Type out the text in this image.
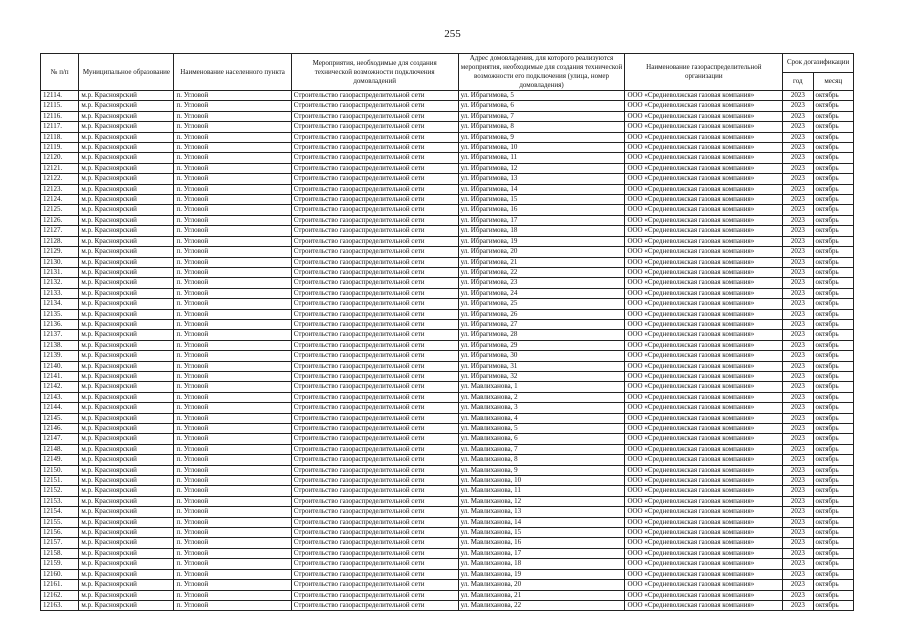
255
№ п/п	Муниципальное образование	Наименование населенного пункта	Мероприятия, необходимые для создания технической возможности подключения домовладений	Адрес домовладения, для которого реализуются мероприятия, необходимые для создания технической возможности его подключения (улица, номер домовладения)	Наименование газораспределительной организации	Срок догазификации	
						год	месяц
12114.	м.р. Красноярский	п. Угловой	Строительство газораспределительной сети	ул. Ибрагимова, 5	ООО «Средневолжская газовая компания»	2023	октябрь
12115.	м.р. Красноярский	п. Угловой	Строительство газораспределительной сети	ул. Ибрагимова, 6	ООО «Средневолжская газовая компания»	2023	октябрь
12116.	м.р. Красноярский	п. Угловой	Строительство газораспределительной сети	ул. Ибрагимова, 7	ООО «Средневолжская газовая компания»	2023	октябрь
12117.	м.р. Красноярский	п. Угловой	Строительство газораспределительной сети	ул. Ибрагимова, 8	ООО «Средневолжская газовая компания»	2023	октябрь
12118.	м.р. Красноярский	п. Угловой	Строительство газораспределительной сети	ул. Ибрагимова, 9	ООО «Средневолжская газовая компания»	2023	октябрь
12119.	м.р. Красноярский	п. Угловой	Строительство газораспределительной сети	ул. Ибрагимова, 10	ООО «Средневолжская газовая компания»	2023	октябрь
12120.	м.р. Красноярский	п. Угловой	Строительство газораспределительной сети	ул. Ибрагимова, 11	ООО «Средневолжская газовая компания»	2023	октябрь
12121.	м.р. Красноярский	п. Угловой	Строительство газораспределительной сети	ул. Ибрагимова, 12	ООО «Средневолжская газовая компания»	2023	октябрь
12122.	м.р. Красноярский	п. Угловой	Строительство газораспределительной сети	ул. Ибрагимова, 13	ООО «Средневолжская газовая компания»	2023	октябрь
12123.	м.р. Красноярский	п. Угловой	Строительство газораспределительной сети	ул. Ибрагимова, 14	ООО «Средневолжская газовая компания»	2023	октябрь
12124.	м.р. Красноярский	п. Угловой	Строительство газораспределительной сети	ул. Ибрагимова, 15	ООО «Средневолжская газовая компания»	2023	октябрь
12125.	м.р. Красноярский	п. Угловой	Строительство газораспределительной сети	ул. Ибрагимова, 16	ООО «Средневолжская газовая компания»	2023	октябрь
12126.	м.р. Красноярский	п. Угловой	Строительство газораспределительной сети	ул. Ибрагимова, 17	ООО «Средневолжская газовая компания»	2023	октябрь
12127.	м.р. Красноярский	п. Угловой	Строительство газораспределительной сети	ул. Ибрагимова, 18	ООО «Средневолжская газовая компания»	2023	октябрь
12128.	м.р. Красноярский	п. Угловой	Строительство газораспределительной сети	ул. Ибрагимова, 19	ООО «Средневолжская газовая компания»	2023	октябрь
12129.	м.р. Красноярский	п. Угловой	Строительство газораспределительной сети	ул. Ибрагимова, 20	ООО «Средневолжская газовая компания»	2023	октябрь
12130.	м.р. Красноярский	п. Угловой	Строительство газораспределительной сети	ул. Ибрагимова, 21	ООО «Средневолжская газовая компания»	2023	октябрь
12131.	м.р. Красноярский	п. Угловой	Строительство газораспределительной сети	ул. Ибрагимова, 22	ООО «Средневолжская газовая компания»	2023	октябрь
12132.	м.р. Красноярский	п. Угловой	Строительство газораспределительной сети	ул. Ибрагимова, 23	ООО «Средневолжская газовая компания»	2023	октябрь
12133.	м.р. Красноярский	п. Угловой	Строительство газораспределительной сети	ул. Ибрагимова, 24	ООО «Средневолжская газовая компания»	2023	октябрь
12134.	м.р. Красноярский	п. Угловой	Строительство газораспределительной сети	ул. Ибрагимова, 25	ООО «Средневолжская газовая компания»	2023	октябрь
12135.	м.р. Красноярский	п. Угловой	Строительство газораспределительной сети	ул. Ибрагимова, 26	ООО «Средневолжская газовая компания»	2023	октябрь
12136.	м.р. Красноярский	п. Угловой	Строительство газораспределительной сети	ул. Ибрагимова, 27	ООО «Средневолжская газовая компания»	2023	октябрь
12137.	м.р. Красноярский	п. Угловой	Строительство газораспределительной сети	ул. Ибрагимова, 28	ООО «Средневолжская газовая компания»	2023	октябрь
12138.	м.р. Красноярский	п. Угловой	Строительство газораспределительной сети	ул. Ибрагимова, 29	ООО «Средневолжская газовая компания»	2023	октябрь
12139.	м.р. Красноярский	п. Угловой	Строительство газораспределительной сети	ул. Ибрагимова, 30	ООО «Средневолжская газовая компания»	2023	октябрь
12140.	м.р. Красноярский	п. Угловой	Строительство газораспределительной сети	ул. Ибрагимова, 31	ООО «Средневолжская газовая компания»	2023	октябрь
12141.	м.р. Красноярский	п. Угловой	Строительство газораспределительной сети	ул. Ибрагимова, 32	ООО «Средневолжская газовая компания»	2023	октябрь
12142.	м.р. Красноярский	п. Угловой	Строительство газораспределительной сети	ул. Мавлиханова, 1	ООО «Средневолжская газовая компания»	2023	октябрь
12143.	м.р. Красноярский	п. Угловой	Строительство газораспределительной сети	ул. Мавлиханова, 2	ООО «Средневолжская газовая компания»	2023	октябрь
12144.	м.р. Красноярский	п. Угловой	Строительство газораспределительной сети	ул. Мавлиханова, 3	ООО «Средневолжская газовая компания»	2023	октябрь
12145.	м.р. Красноярский	п. Угловой	Строительство газораспределительной сети	ул. Мавлиханова, 4	ООО «Средневолжская газовая компания»	2023	октябрь
12146.	м.р. Красноярский	п. Угловой	Строительство газораспределительной сети	ул. Мавлиханова, 5	ООО «Средневолжская газовая компания»	2023	октябрь
12147.	м.р. Красноярский	п. Угловой	Строительство газораспределительной сети	ул. Мавлиханова, 6	ООО «Средневолжская газовая компания»	2023	октябрь
12148.	м.р. Красноярский	п. Угловой	Строительство газораспределительной сети	ул. Мавлиханова, 7	ООО «Средневолжская газовая компания»	2023	октябрь
12149.	м.р. Красноярский	п. Угловой	Строительство газораспределительной сети	ул. Мавлиханова, 8	ООО «Средневолжская газовая компания»	2023	октябрь
12150.	м.р. Красноярский	п. Угловой	Строительство газораспределительной сети	ул. Мавлиханова, 9	ООО «Средневолжская газовая компания»	2023	октябрь
12151.	м.р. Красноярский	п. Угловой	Строительство газораспределительной сети	ул. Мавлиханова, 10	ООО «Средневолжская газовая компания»	2023	октябрь
12152.	м.р. Красноярский	п. Угловой	Строительство газораспределительной сети	ул. Мавлиханова, 11	ООО «Средневолжская газовая компания»	2023	октябрь
12153.	м.р. Красноярский	п. Угловой	Строительство газораспределительной сети	ул. Мавлиханова, 12	ООО «Средневолжская газовая компания»	2023	октябрь
12154.	м.р. Красноярский	п. Угловой	Строительство газораспределительной сети	ул. Мавлиханова, 13	ООО «Средневолжская газовая компания»	2023	октябрь
12155.	м.р. Красноярский	п. Угловой	Строительство газораспределительной сети	ул. Мавлиханова, 14	ООО «Средневолжская газовая компания»	2023	октябрь
12156.	м.р. Красноярский	п. Угловой	Строительство газораспределительной сети	ул. Мавлиханова, 15	ООО «Средневолжская газовая компания»	2023	октябрь
12157.	м.р. Красноярский	п. Угловой	Строительство газораспределительной сети	ул. Мавлиханова, 16	ООО «Средневолжская газовая компания»	2023	октябрь
12158.	м.р. Красноярский	п. Угловой	Строительство газораспределительной сети	ул. Мавлиханова, 17	ООО «Средневолжская газовая компания»	2023	октябрь
12159.	м.р. Красноярский	п. Угловой	Строительство газораспределительной сети	ул. Мавлиханова, 18	ООО «Средневолжская газовая компания»	2023	октябрь
12160.	м.р. Красноярский	п. Угловой	Строительство газораспределительной сети	ул. Мавлиханова, 19	ООО «Средневолжская газовая компания»	2023	октябрь
12161.	м.р. Красноярский	п. Угловой	Строительство газораспределительной сети	ул. Мавлиханова, 20	ООО «Средневолжская газовая компания»	2023	октябрь
12162.	м.р. Красноярский	п. Угловой	Строительство газораспределительной сети	ул. Мавлиханова, 21	ООО «Средневолжская газовая компания»	2023	октябрь
12163.	м.р. Красноярский	п. Угловой	Строительство газораспределительной сети	ул. Мавлиханова, 22	ООО «Средневолжская газовая компания»	2023	октябрь
